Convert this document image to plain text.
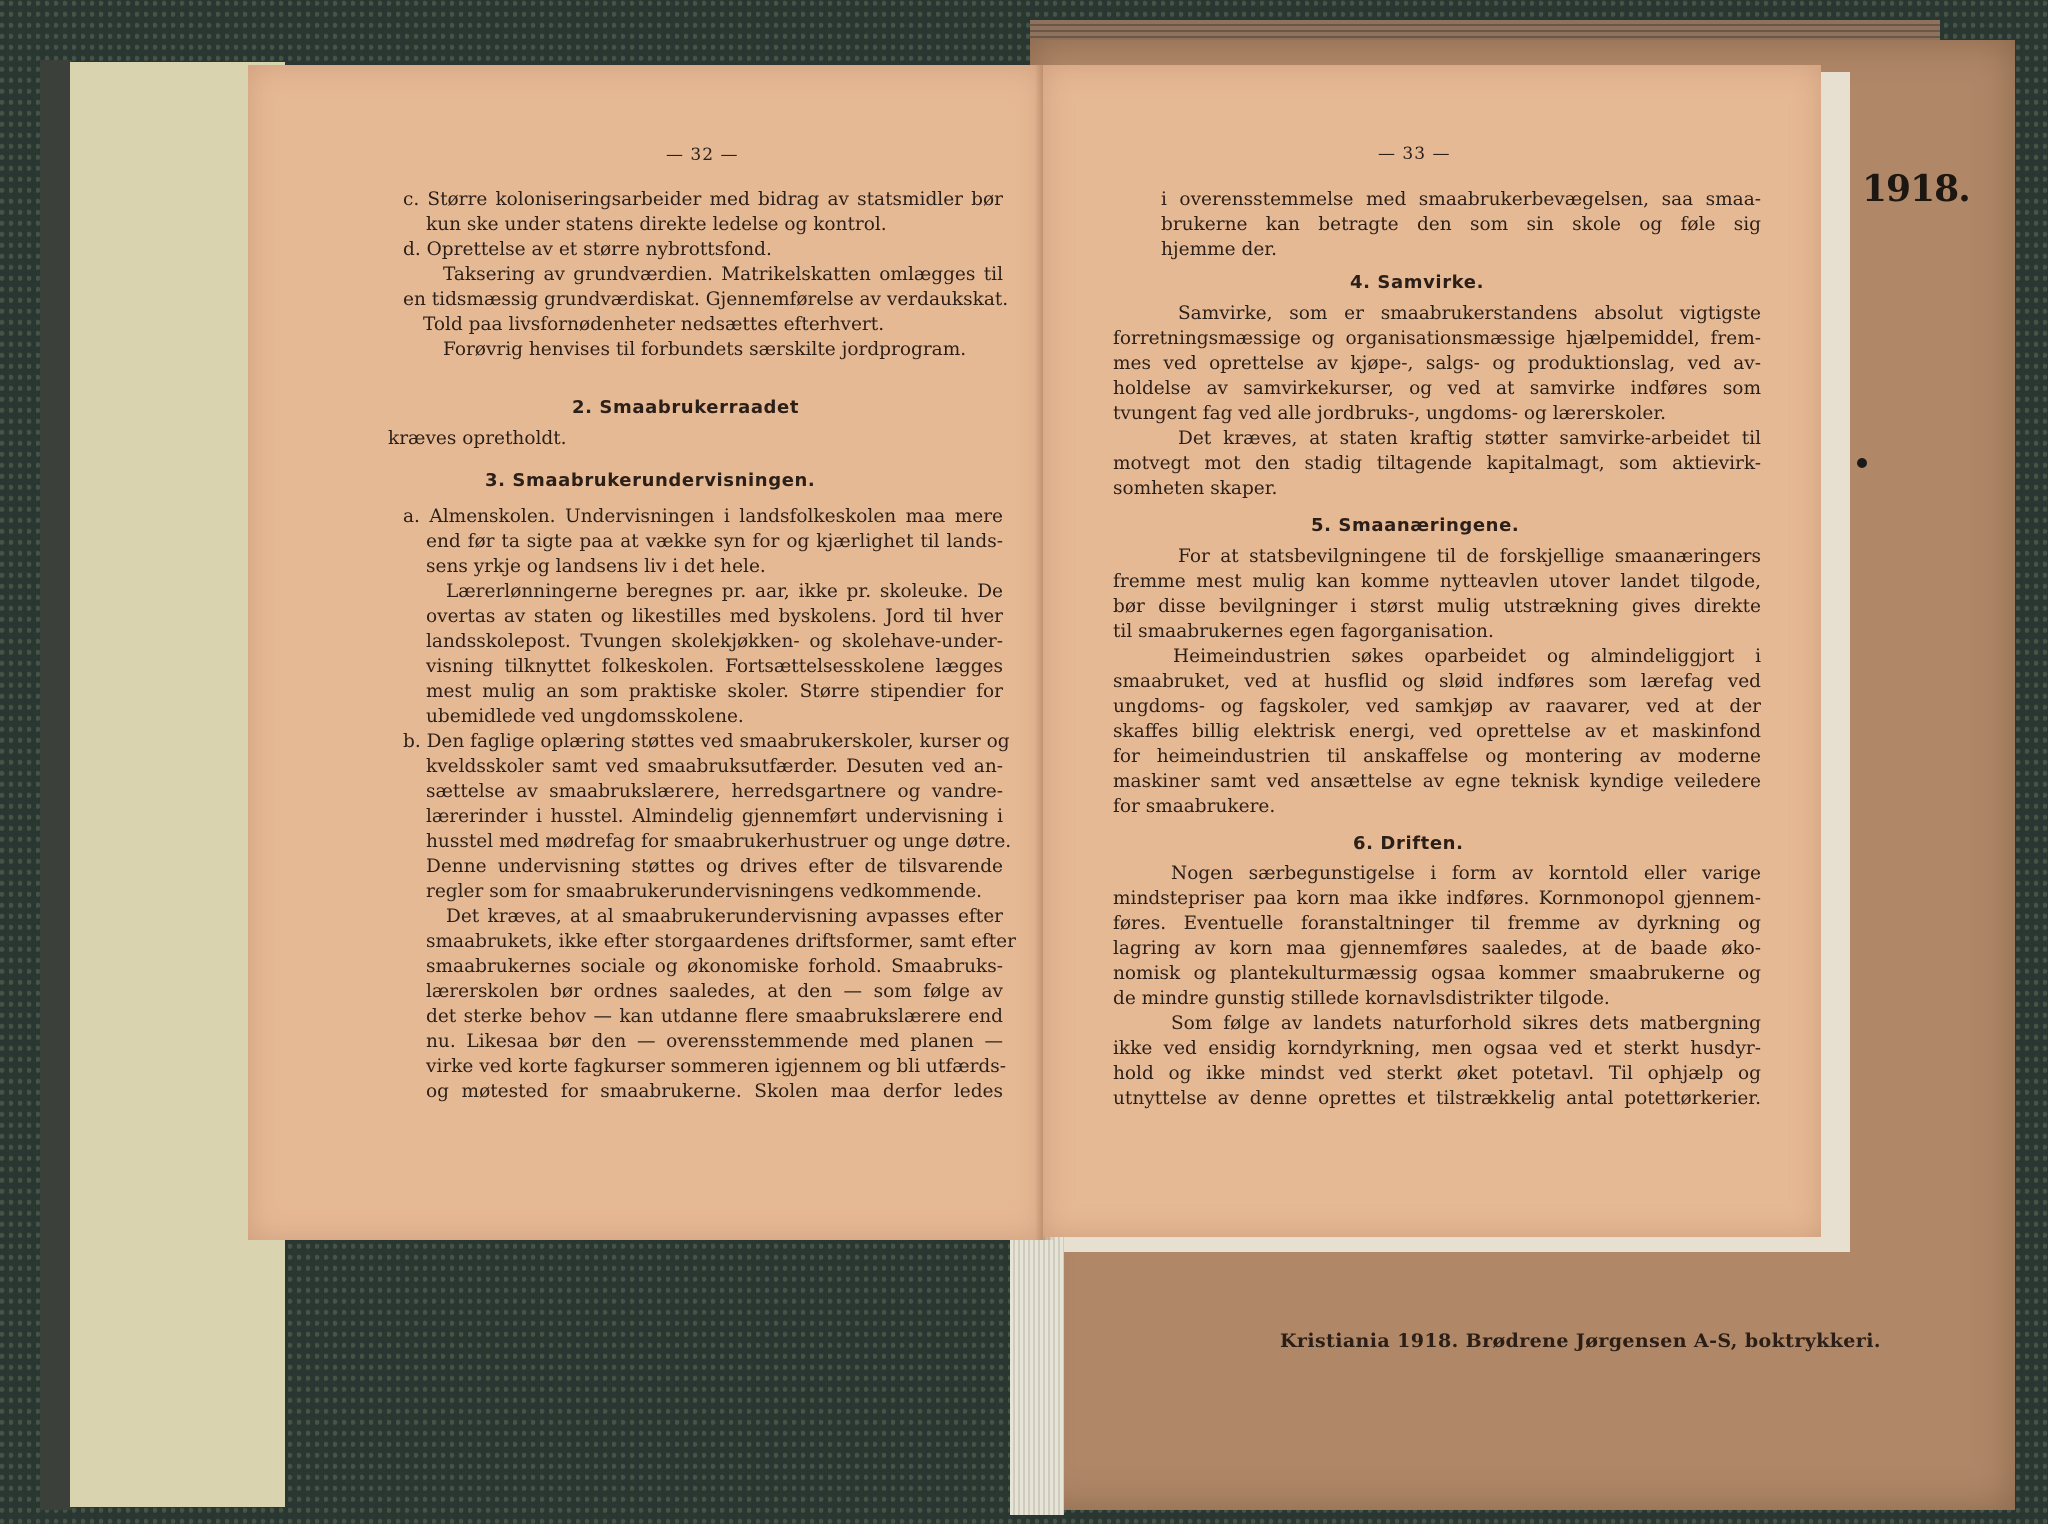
1918.
Kristiania 1918. Brødrene Jørgensen A-S, boktrykkeri.
— 32 —
c. Større koloniseringsarbeider med bidrag av statsmidler bør
kun ske under statens direkte ledelse og kontrol.
d. Oprettelse av et større nybrottsfond.
Taksering av grundværdien. Matrikelskatten omlægges til
en tidsmæssig grundværdiskat. Gjennemførelse av verdaukskat.
Told paa livsfornødenheter nedsættes efterhvert.
Forøvrig henvises til forbundets særskilte jordprogram.
2. Smaabrukerraadet
kræves opretholdt.
3. Smaabrukerundervisningen.
a. Almenskolen. Undervisningen i landsfolkeskolen maa mere
end før ta sigte paa at vække syn for og kjærlighet til lands-
sens yrkje og landsens liv i det hele.
Lærerlønningerne beregnes pr. aar, ikke pr. skoleuke. De
overtas av staten og likestilles med byskolens. Jord til hver
landsskolepost. Tvungen skolekjøkken- og skolehave-under-
visning tilknyttet folkeskolen. Fortsættelsesskolene lægges
mest mulig an som praktiske skoler. Større stipendier for
ubemidlede ved ungdomsskolene.
b. Den faglige oplæring støttes ved smaabrukerskoler, kurser og
kveldsskoler samt ved smaabruksutfærder. Desuten ved an-
sættelse av smaabrukslærere, herredsgartnere og vandre-
lærerinder i husstel. Almindelig gjennemført undervisning i
husstel med mødrefag for smaabrukerhustruer og unge døtre.
Denne undervisning støttes og drives efter de tilsvarende
regler som for smaabrukerundervisningens vedkommende.
Det kræves, at al smaabrukerundervisning avpasses efter
smaabrukets, ikke efter storgaardenes driftsformer, samt efter
smaabrukernes sociale og økonomiske forhold. Smaabruks-
lærerskolen bør ordnes saaledes, at den — som følge av
det sterke behov — kan utdanne flere smaabrukslærere end
nu. Likesaa bør den — overensstemmende med planen —
virke ved korte fagkurser sommeren igjennem og bli utfærds-
og møtested for smaabrukerne. Skolen maa derfor ledes
— 33 —
i overensstemmelse med smaabrukerbevægelsen, saa smaa-
brukerne kan betragte den som sin skole og føle sig
hjemme der.
4. Samvirke.
Samvirke, som er smaabrukerstandens absolut vigtigste
forretningsmæssige og organisationsmæssige hjælpemiddel, frem-
mes ved oprettelse av kjøpe-, salgs- og produktionslag, ved av-
holdelse av samvirkekurser, og ved at samvirke indføres som
tvungent fag ved alle jordbruks-, ungdoms- og lærerskoler.
Det kræves, at staten kraftig støtter samvirke-arbeidet til
motvegt mot den stadig tiltagende kapitalmagt, som aktievirk-
somheten skaper.
5. Smaanæringene.
For at statsbevilgningene til de forskjellige smaanæringers
fremme mest mulig kan komme nytteavlen utover landet tilgode,
bør disse bevilgninger i størst mulig utstrækning gives direkte
til smaabrukernes egen fagorganisation.
Heimeindustrien søkes oparbeidet og almindeliggjort i
smaabruket, ved at husflid og sløid indføres som lærefag ved
ungdoms- og fagskoler, ved samkjøp av raavarer, ved at der
skaffes billig elektrisk energi, ved oprettelse av et maskinfond
for heimeindustrien til anskaffelse og montering av moderne
maskiner samt ved ansættelse av egne teknisk kyndige veiledere
for smaabrukere.
6. Driften.
Nogen særbegunstigelse i form av korntold eller varige
mindstepriser paa korn maa ikke indføres. Kornmonopol gjennem-
føres. Eventuelle foranstaltninger til fremme av dyrkning og
lagring av korn maa gjennemføres saaledes, at de baade øko-
nomisk og plantekulturmæssig ogsaa kommer smaabrukerne og
de mindre gunstig stillede kornavlsdistrikter tilgode.
Som følge av landets naturforhold sikres dets matbergning
ikke ved ensidig korndyrkning, men ogsaa ved et sterkt husdyr-
hold og ikke mindst ved sterkt øket potetavl. Til ophjælp og
utnyttelse av denne oprettes et tilstrækkelig antal potettørkerier.
